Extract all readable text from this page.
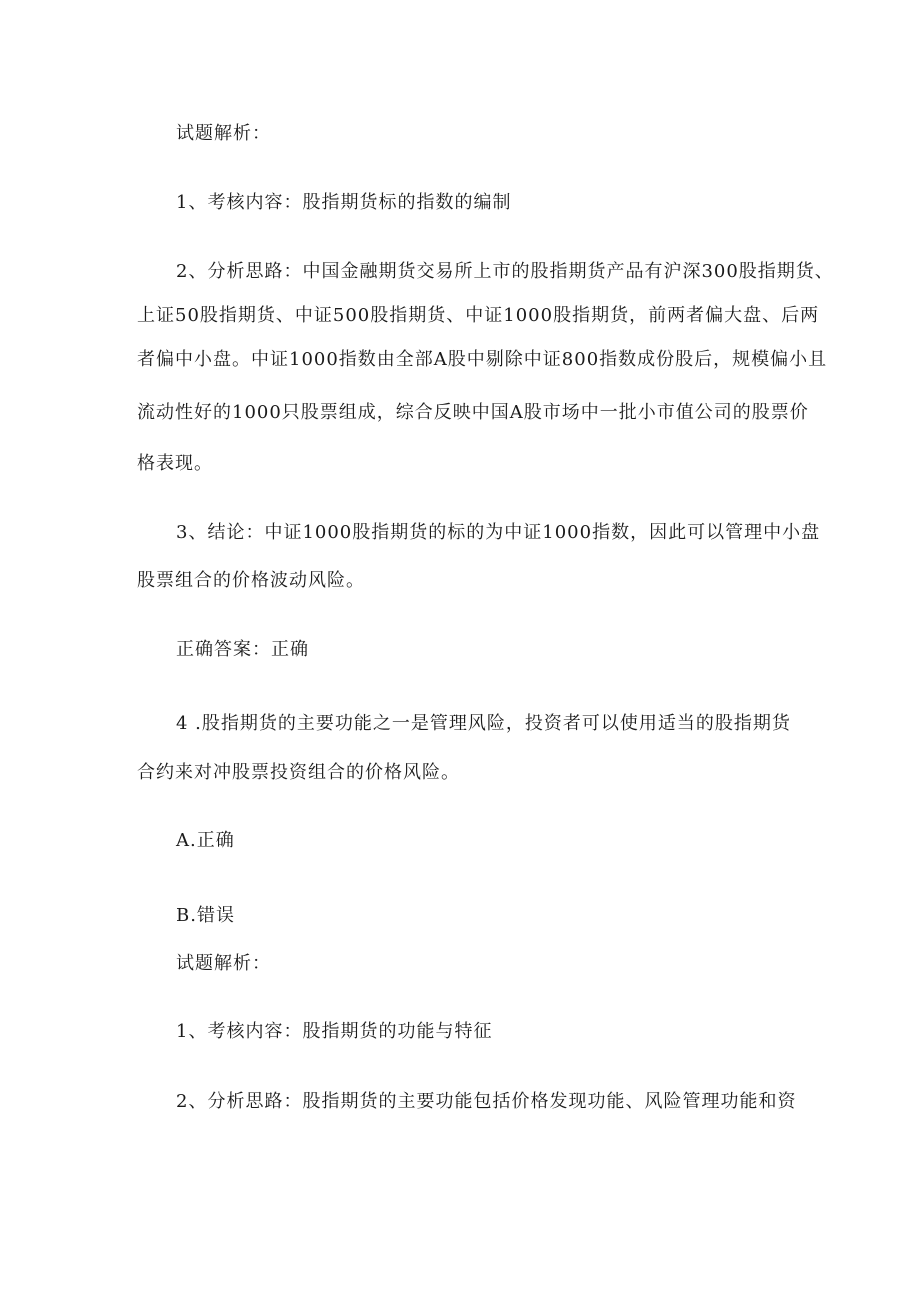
试题解析：
1、考核内容：股指期货标的指数的编制
2、分析思路：中国金融期货交易所上市的股指期货产品有沪深300股指期货、
上证50股指期货、中证500股指期货、中证1000股指期货，前两者偏大盘、后两
者偏中小盘。中证1000指数由全部A股中剔除中证800指数成份股后，规模偏小且
流动性好的1000只股票组成，综合反映中国A股市场中一批小市值公司的股票价
格表现。
3、结论：中证1000股指期货的标的为中证1000指数，因此可以管理中小盘
股票组合的价格波动风险。
正确答案：正确
4 .股指期货的主要功能之一是管理风险，投资者可以使用适当的股指期货
合约来对冲股票投资组合的价格风险。
A.正确
B.错误
试题解析：
1、考核内容：股指期货的功能与特征
2、分析思路：股指期货的主要功能包括价格发现功能、风险管理功能和资
